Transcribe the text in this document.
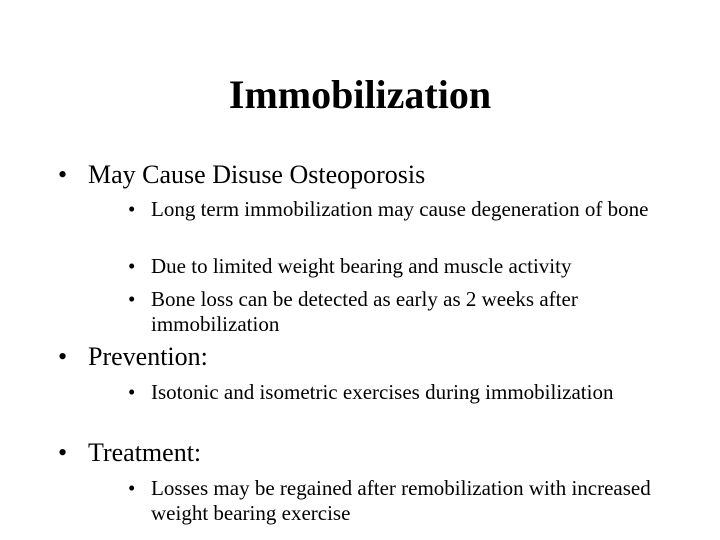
Immobilization
• May Cause Disuse Osteoporosis
• Long term immobilization may cause degeneration of bone
• Due to limited weight bearing and muscle activity
• Bone loss can be detected as early as 2 weeks after immobilization
• Prevention:
• Isotonic and isometric exercises during immobilization
• Treatment:
• Losses may be regained after remobilization with increased weight bearing exercise
